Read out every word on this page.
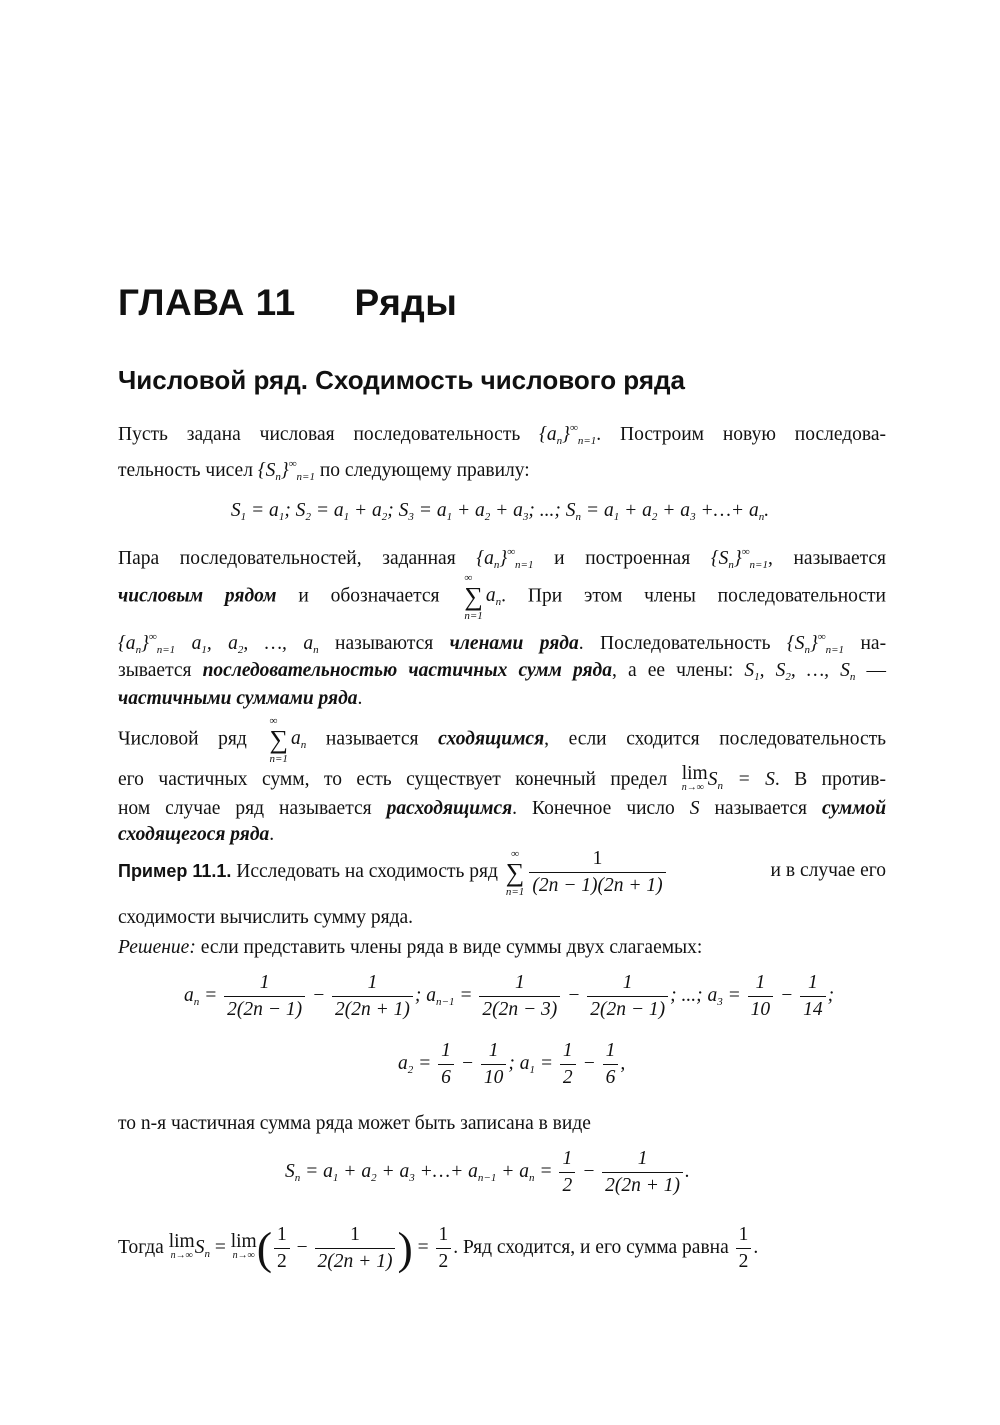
ГЛАВА 11 Ряды
Числовой ряд. Сходимость числового ряда
Пусть задана числовая последовательность $\{a_n\}^\infty_{n=1}$. Построим новую последова-
тельность чисел $\{S_n\}^\infty_{n=1}$ по следующему правилу:
$S_1 = a_1$; $S_2 = a_1 + a_2$; $S_3 = a_1 + a_2 + a_3$; ...; $S_n = a_1 + a_2 + a_3$ +…+ $a_n$.
Пара последовательностей, заданная $\{a_n\}^\infty_{n=1}$ и построенная $\{S_n\}^\infty_{n=1}$, называется
числовым рядом и обозначается
∞
∑
n=1
$a_n$. При этом члены последовательности
$\{a_n\}^\infty_{n=1}$ $a_1$, $a_2$, …, $a_n$ называются членами ряда. Последовательность $\{S_n\}^\infty_{n=1}$ на-
зывается последовательностью частичных сумм ряда, а ее члены: $S_1$, $S_2$, …, $S_n$ —
частичными суммами ряда.
Числовой ряд
∞
∑
n=1
$a_n$ называется сходящимся, если сходится последовательность
его частичных сумм, то есть существует конечный предел lim
n→∞ $S_n = S$. В против-
ном случае ряд называется расходящимся. Конечное число S называется суммой
сходящегося ряда.
Пример 11.1. Исследовать на сходимость ряд
∞
∑
$n=1 \frac{1}{(2n - 1)(2n + 1)}$	и в случае его
сходимости вычислить сумму ряда.
Решение: если представить члены ряда в виде суммы двух слагаемых:
$a_n = \frac{1}{2(2n - 1)} - \frac{1}{2(2n + 1)}$ ; $a_{n-1} = \frac{1}{2(2n - 3)} - \frac{1}{2(2n - 1)}$ ; ...; $a_3 = \frac{1}{10} - \frac{1}{14}$ ;
$a_2 = \frac{1}{6} - \frac{1}{10}$ ; $a_1 = \frac{1}{2} - \frac{1}{6}$ ,
то n-я частичная сумма ряда может быть записана в виде
$S_n = a_1 + a_2 + a_3$ +…+ $a_{n-1} + a_n = \frac{1}{2} - \frac{1}{2(2n + 1)}$ .
Тогда lim
n→∞ $S_n = \lim$
n→∞ ( $\frac{1}{2} - \frac{1}{2(2n + 1)}$ ) = $\frac{1}{2}$ . Ряд сходится, и его сумма равна $\frac{1}{2}$ .
